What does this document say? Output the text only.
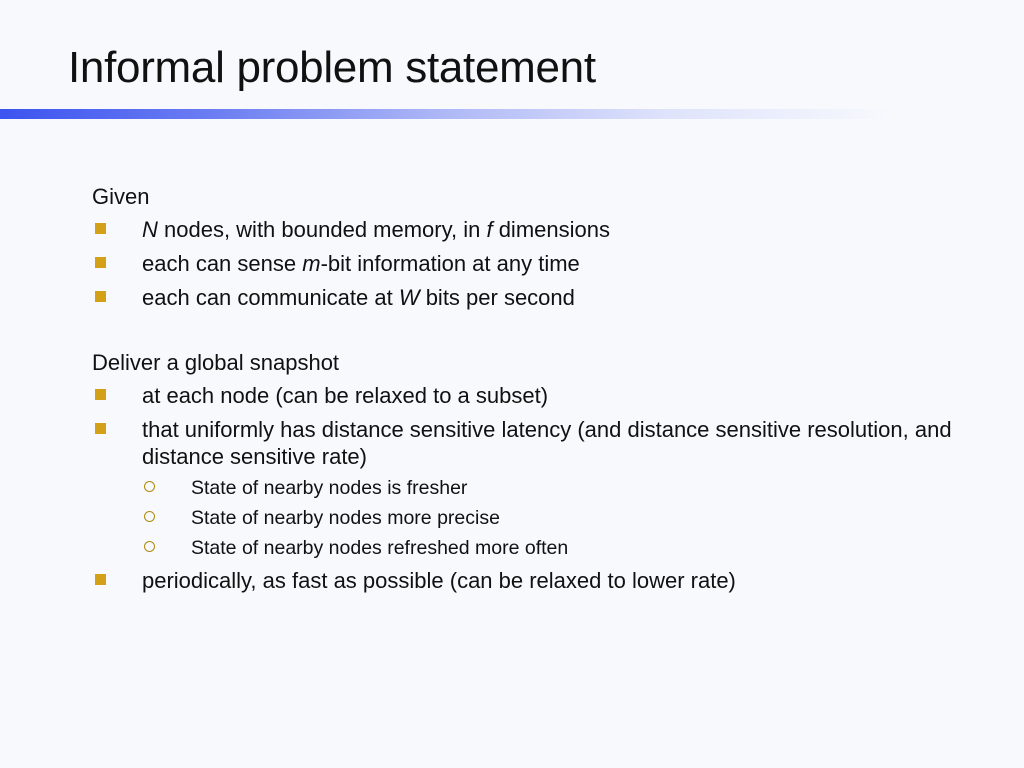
Informal problem statement

Given

N nodes, with bounded memory, in f dimensions
each can sense m-bit information at any time
each can communicate at W bits per second

Deliver a global snapshot

at each node (can be relaxed to a subset)
that uniformly has distance sensitive latency (and distance sensitive resolution, and distance sensitive rate)
State of nearby nodes is fresher
State of nearby nodes more precise
State of nearby nodes refreshed more often
periodically, as fast as possible (can be relaxed to lower rate)
